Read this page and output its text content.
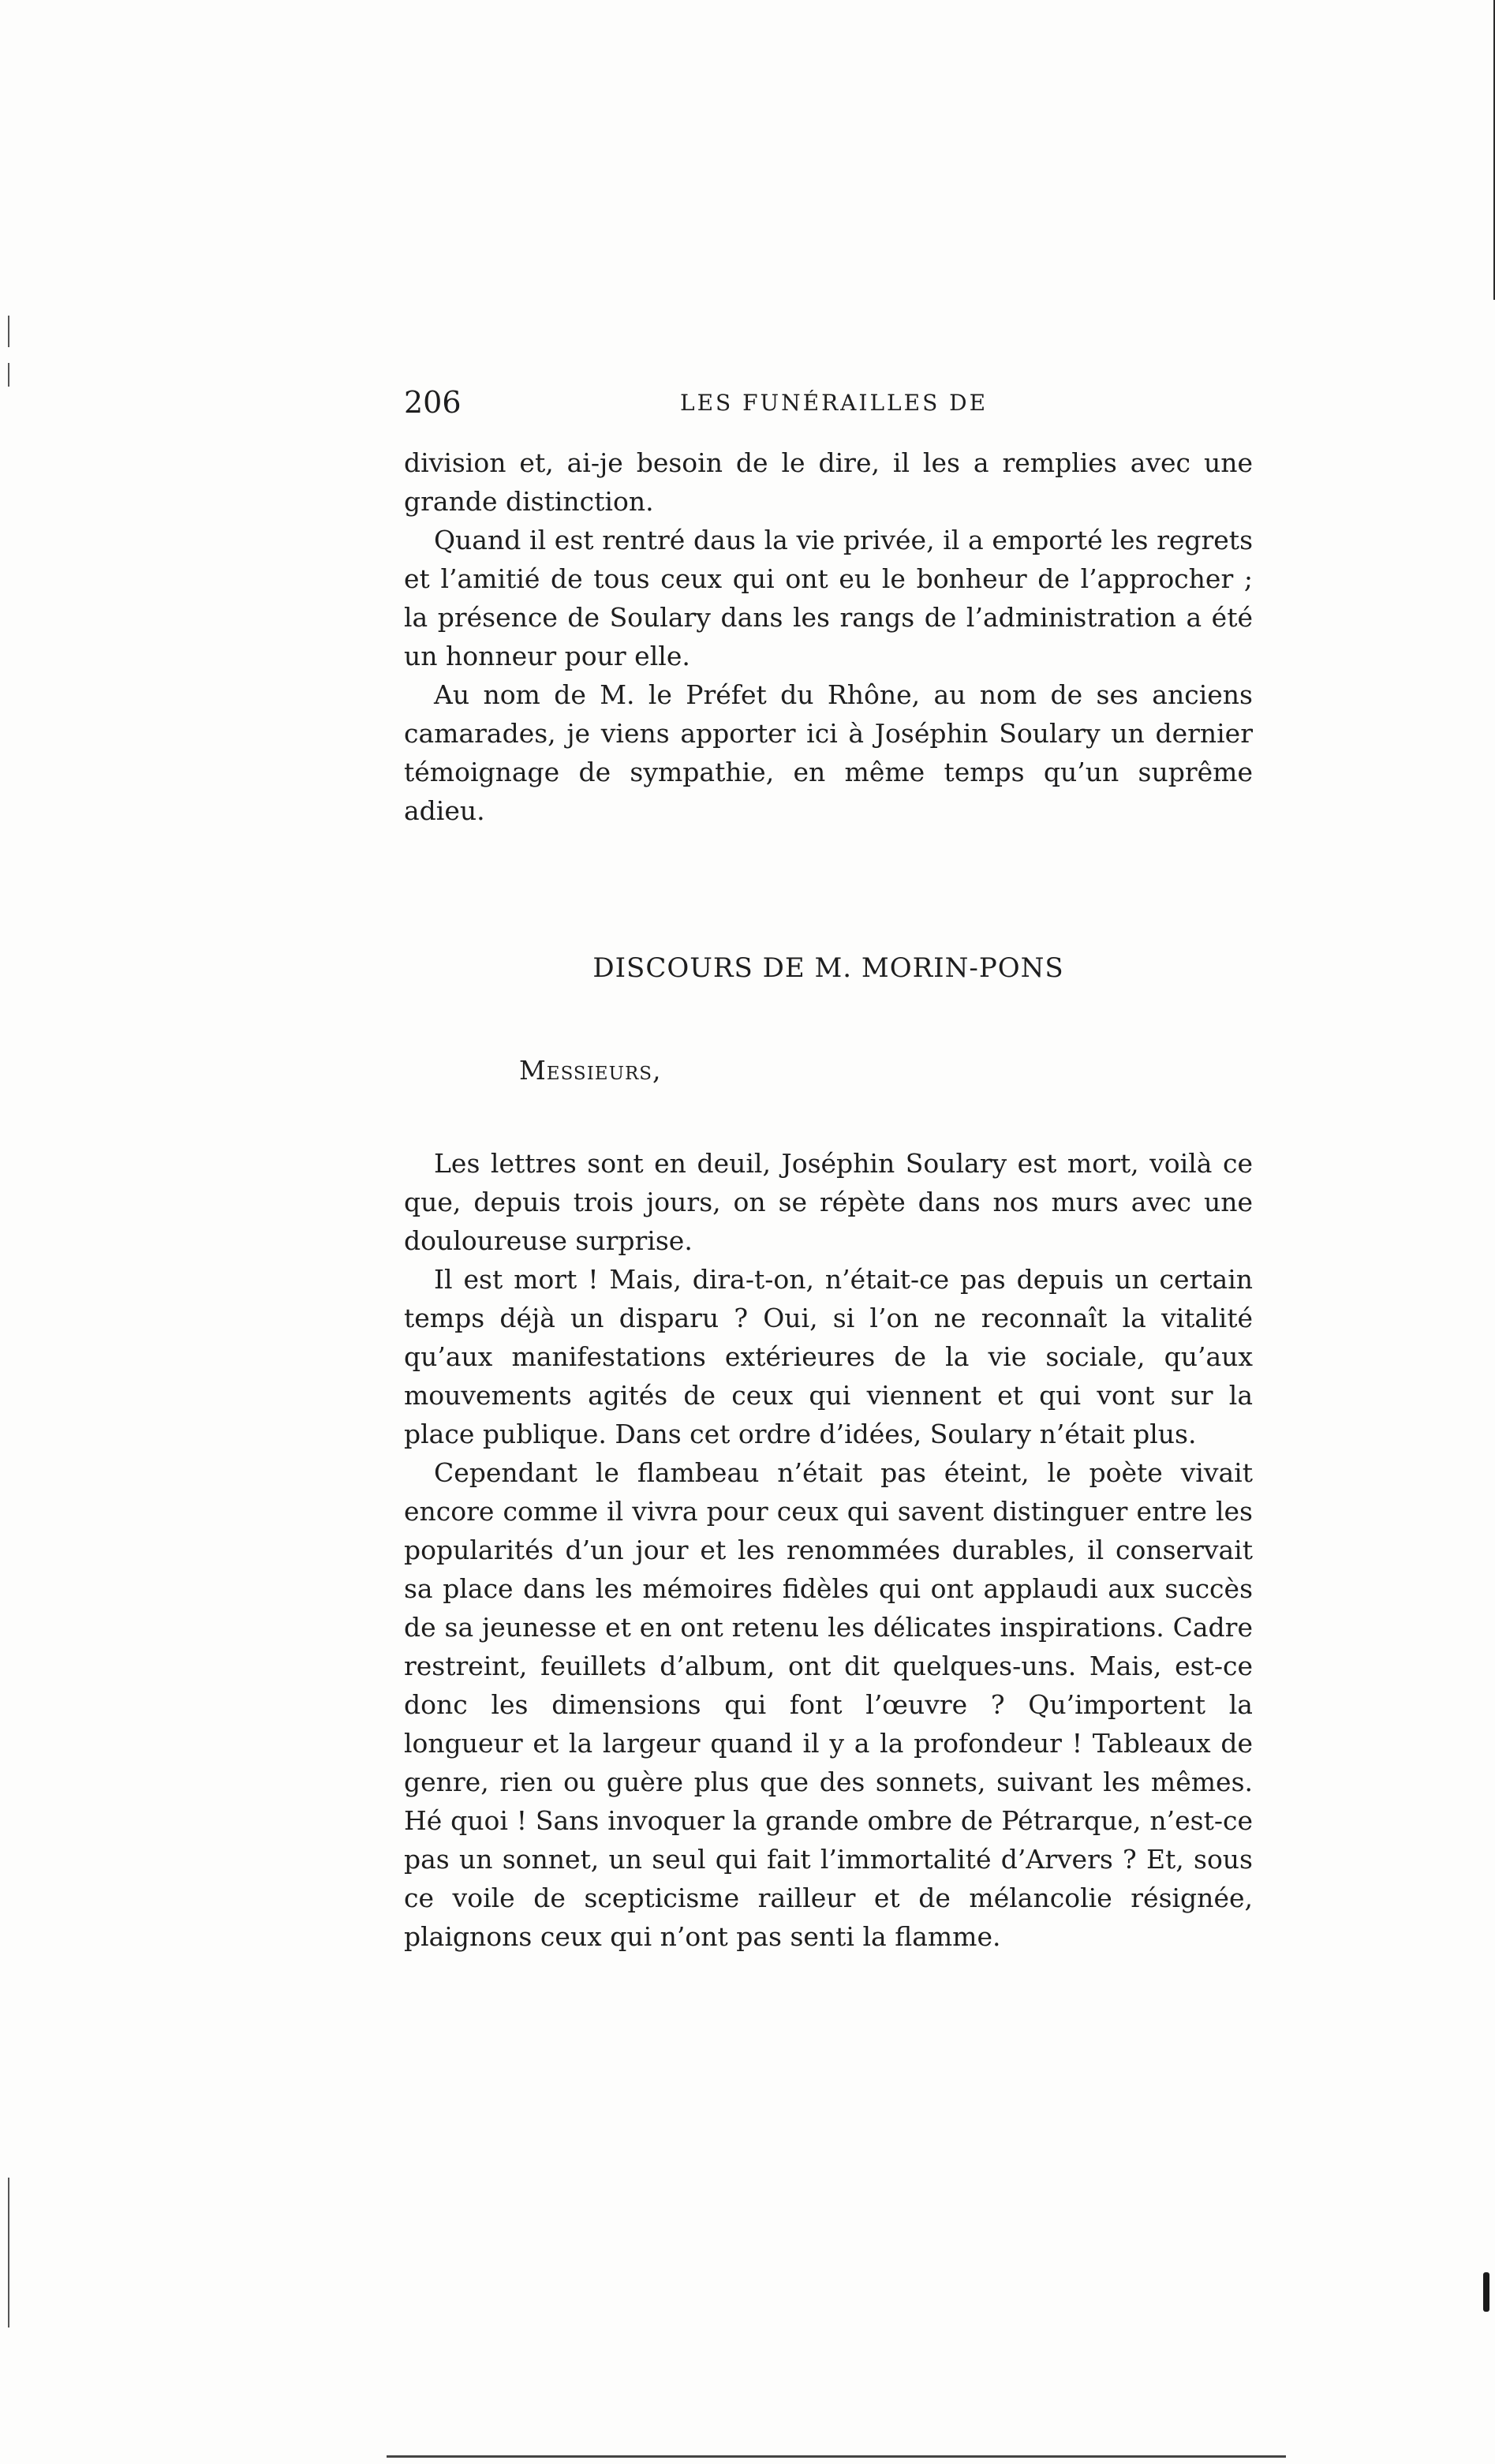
206	LES FUNÉRAILLES DE

division et, ai-je besoin de le dire, il les a remplies avec une grande distinction.

Quand il est rentré daus la vie privée, il a emporté les regrets et l’amitié de tous ceux qui ont eu le bonheur de l’approcher ; la présence de Soulary dans les rangs de l’administration a été un honneur pour elle.

Au nom de M. le Préfet du Rhône, au nom de ses anciens camarades, je viens apporter ici à Joséphin Soulary un dernier témoignage de sympathie, en même temps qu’un suprême adieu.

DISCOURS DE M. MORIN-PONS
Messieurs,

Les lettres sont en deuil, Joséphin Soulary est mort, voilà ce que, depuis trois jours, on se répète dans nos murs avec une douloureuse surprise.

Il est mort ! Mais, dira-t-on, n’était-ce pas depuis un certain temps déjà un disparu ? Oui, si l’on ne reconnaît la vitalité qu’aux manifestations extérieures de la vie sociale, qu’aux mouvements agités de ceux qui viennent et qui vont sur la place publique. Dans cet ordre d’idées, Soulary n’était plus.

Cependant le flambeau n’était pas éteint, le poète vivait encore comme il vivra pour ceux qui savent distinguer entre les popularités d’un jour et les renommées durables, il conservait sa place dans les mémoires fidèles qui ont applaudi aux succès de sa jeunesse et en ont retenu les délicates inspirations. Cadre restreint, feuillets d’album, ont dit quelques-uns. Mais, est-ce donc les dimensions qui font l’œuvre ? Qu’importent la longueur et la largeur quand il y a la profondeur ! Tableaux de genre, rien ou guère plus que des sonnets, suivant les mêmes. Hé quoi ! Sans invoquer la grande ombre de Pétrarque, n’est-ce pas un sonnet, un seul qui fait l’immortalité d’Arvers ? Et, sous ce voile de scepticisme railleur et de mélancolie résignée, plaignons ceux qui n’ont pas senti la flamme.
